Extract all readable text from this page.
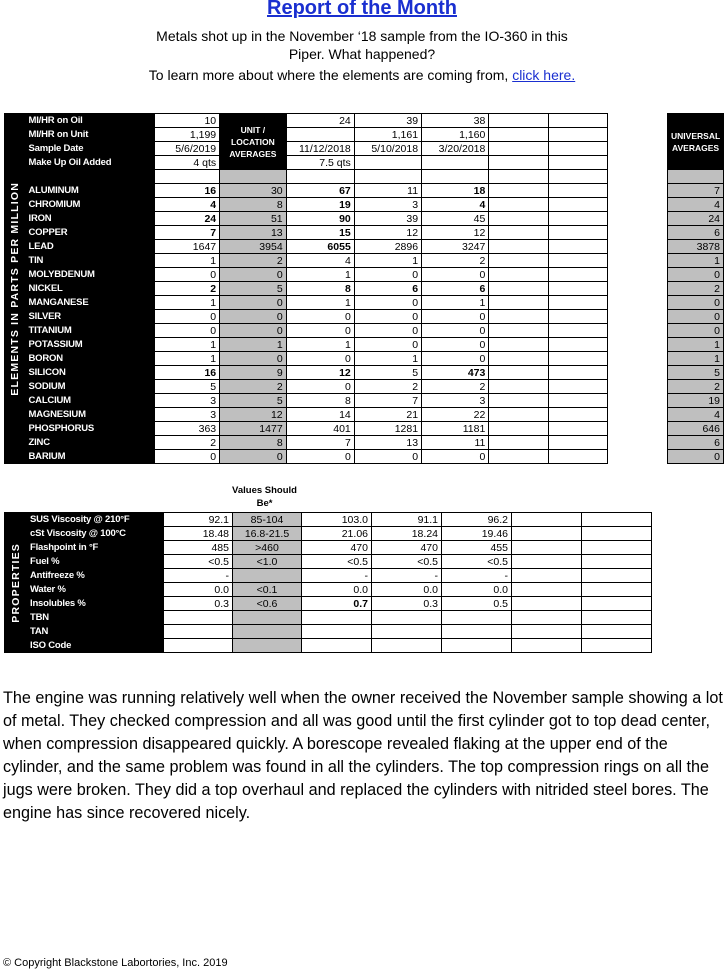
Report of the Month
Metals shot up in the November ‘18 sample from the IO-360 in this
Piper. What happened?
To learn more about where the elements are coming from, click here.
ELEMENTS IN PARTS PER MILLION	MI/HR on Oil	10	UNIT / LOCATION AVERAGES	24	39	38				UNIVERSAL AVERAGES
	MI/HR on Unit	1,199			1,161	1,160				
	Sample Date	5/6/2019		11/12/2018	5/10/2018	3/20/2018				
	Make Up Oil Added	4 qts		7.5 qts						

	ALUMINUM	16	30	67	11	18				7
	CHROMIUM	4	8	19	3	4				4
	IRON	24	51	90	39	45				24
	COPPER	7	13	15	12	12				6
	LEAD	1647	3954	6055	2896	3247				3878
	TIN	1	2	4	1	2				1
	MOLYBDENUM	0	0	1	0	0				0
	NICKEL	2	5	8	6	6				2
	MANGANESE	1	0	1	0	1				0
	SILVER	0	0	0	0	0				0
	TITANIUM	0	0	0	0	0				0
	POTASSIUM	1	1	1	0	0				1
	BORON	1	0	0	1	0				1
	SILICON	16	9	12	5	473				5
	SODIUM	5	2	0	2	2				2
	CALCIUM	3	5	8	7	3				19
	MAGNESIUM	3	12	14	21	22				4
	PHOSPHORUS	363	1477	401	1281	1181				646
	ZINC	2	8	7	13	11				6
	BARIUM	0	0	0	0	0				0
Values Should Be*
PROPERTIES	SUS Viscosity @ 210°F	92.1	85-104	103.0	91.1	96.2		
	cSt Viscosity @ 100°C	18.48	16.8-21.5	21.06	18.24	19.46		
	Flashpoint in °F	485	>460	470	470	455		
	Fuel %	<0.5	<1.0	<0.5	<0.5	<0.5		
	Antifreeze %	-		-	-	-		
	Water %	0.0	<0.1	0.0	0.0	0.0		
	Insolubles %	0.3	<0.6	0.7	0.3	0.5		
	TBN							
	TAN							
	ISO Code							
The engine was running relatively well when the owner received the November sample showing a lot of metal. They checked compression and all was good until the first cylinder got to top dead center, when compression disappeared quickly. A borescope revealed flaking at the upper end of the cylinder, and the same problem was found in all the cylinders. The top compression rings on all the jugs were broken. They did a top overhaul and replaced the cylinders with nitrided steel bores. The engine has since recovered nicely.
© Copyright Blackstone Labortories, Inc. 2019
